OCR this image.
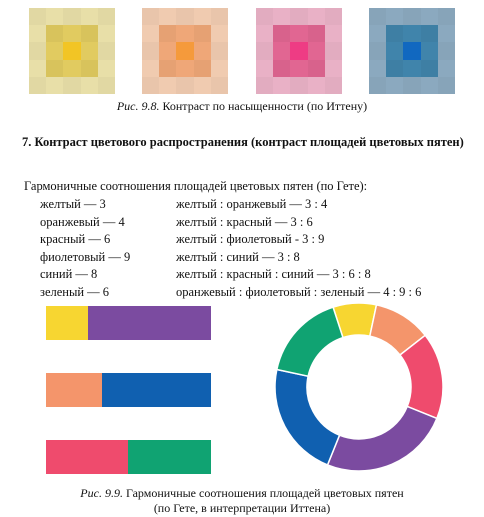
Рис. 9.8. Контраст по насыщенности (по Иттену)
7. Контраст цветового распространения (контраст площадей цветовых пятен)
Гармоничные соотношения площадей цветовых пятен (по Гете):
желтый — 3
оранжевый — 4
красный — 6
фиолетовый — 9
синий — 8
зеленый — 6
желтый : оранжевый — 3 : 4
желтый : красный — 3 : 6
желтый : фиолетовый - 3 : 9
желтый : синий — 3 : 8
желтый : красный : синий — 3 : 6 : 8
оранжевый : фиолетовый : зеленый — 4 : 9 : 6
Рис. 9.9. Гармоничные соотношения площадей цветовых пятен
(по Гете, в интерпретации Иттена)
